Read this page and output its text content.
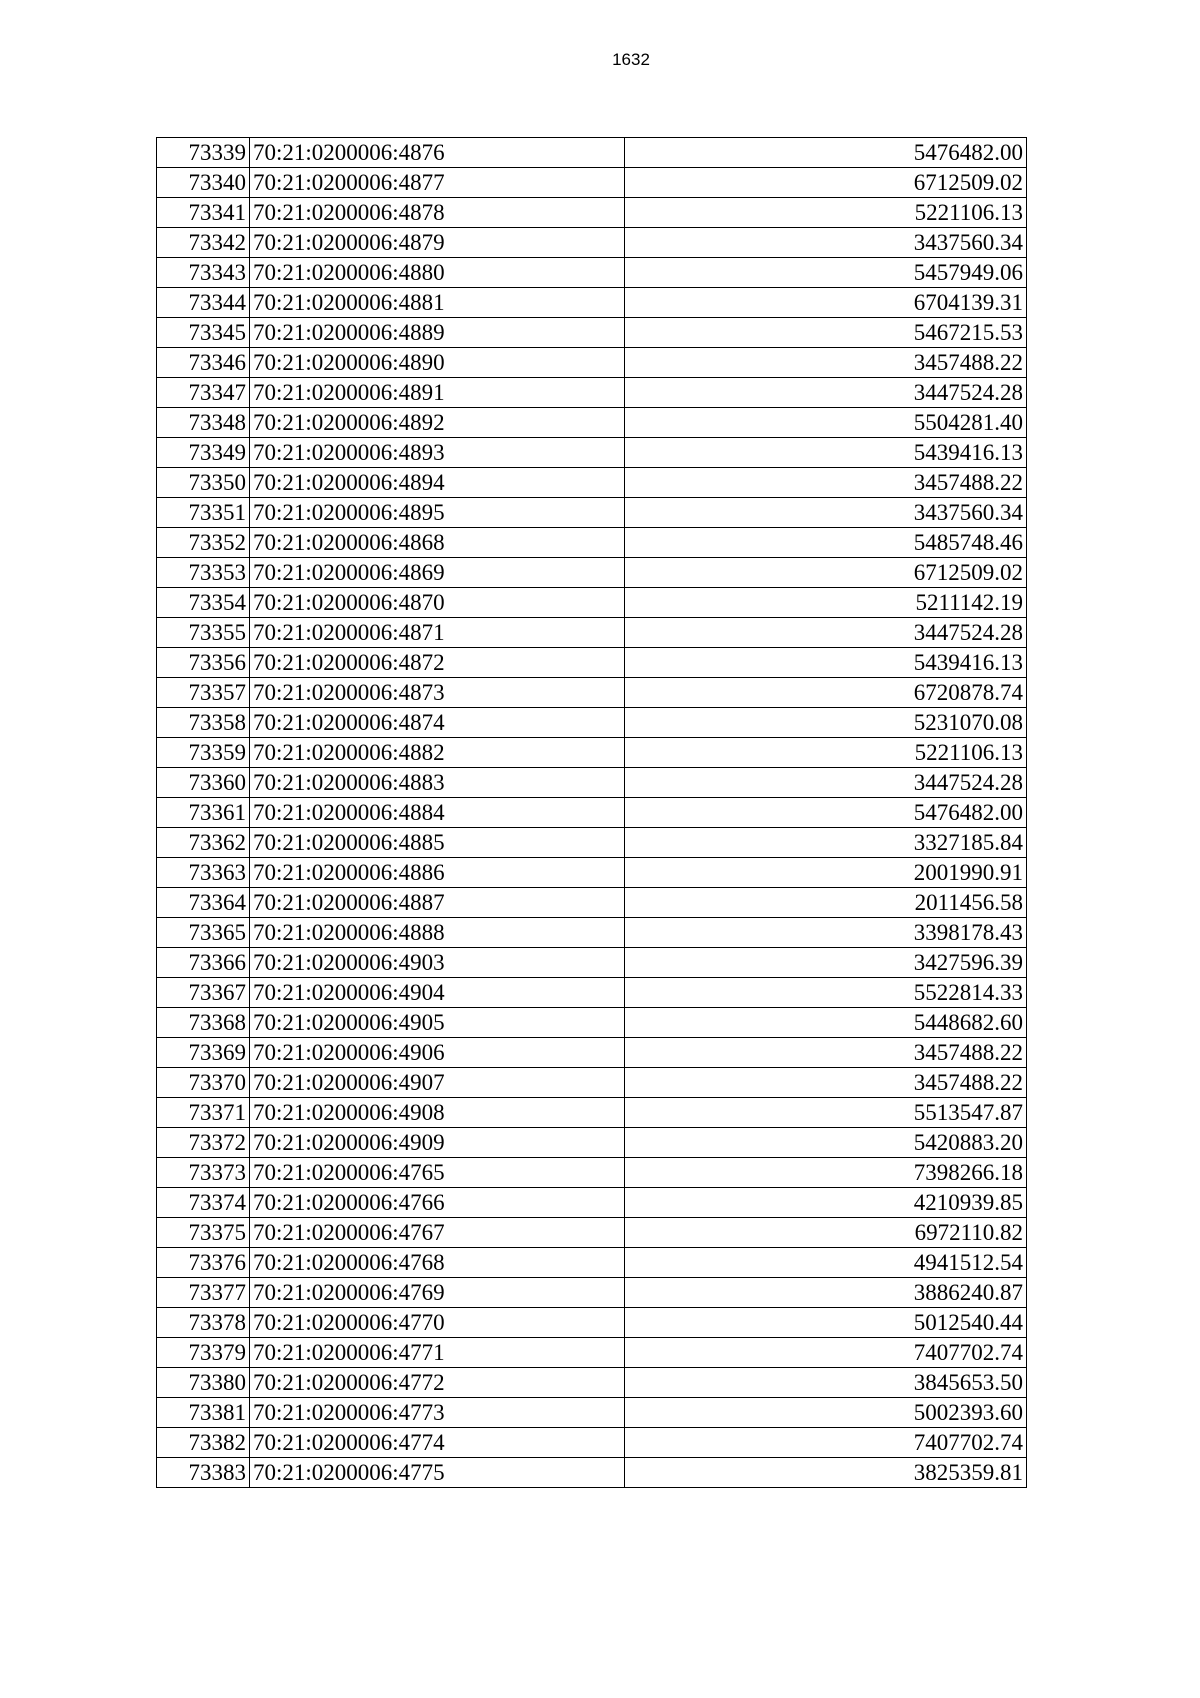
1632
73339	70:21:0200006:4876	5476482.00
73340	70:21:0200006:4877	6712509.02
73341	70:21:0200006:4878	5221106.13
73342	70:21:0200006:4879	3437560.34
73343	70:21:0200006:4880	5457949.06
73344	70:21:0200006:4881	6704139.31
73345	70:21:0200006:4889	5467215.53
73346	70:21:0200006:4890	3457488.22
73347	70:21:0200006:4891	3447524.28
73348	70:21:0200006:4892	5504281.40
73349	70:21:0200006:4893	5439416.13
73350	70:21:0200006:4894	3457488.22
73351	70:21:0200006:4895	3437560.34
73352	70:21:0200006:4868	5485748.46
73353	70:21:0200006:4869	6712509.02
73354	70:21:0200006:4870	5211142.19
73355	70:21:0200006:4871	3447524.28
73356	70:21:0200006:4872	5439416.13
73357	70:21:0200006:4873	6720878.74
73358	70:21:0200006:4874	5231070.08
73359	70:21:0200006:4882	5221106.13
73360	70:21:0200006:4883	3447524.28
73361	70:21:0200006:4884	5476482.00
73362	70:21:0200006:4885	3327185.84
73363	70:21:0200006:4886	2001990.91
73364	70:21:0200006:4887	2011456.58
73365	70:21:0200006:4888	3398178.43
73366	70:21:0200006:4903	3427596.39
73367	70:21:0200006:4904	5522814.33
73368	70:21:0200006:4905	5448682.60
73369	70:21:0200006:4906	3457488.22
73370	70:21:0200006:4907	3457488.22
73371	70:21:0200006:4908	5513547.87
73372	70:21:0200006:4909	5420883.20
73373	70:21:0200006:4765	7398266.18
73374	70:21:0200006:4766	4210939.85
73375	70:21:0200006:4767	6972110.82
73376	70:21:0200006:4768	4941512.54
73377	70:21:0200006:4769	3886240.87
73378	70:21:0200006:4770	5012540.44
73379	70:21:0200006:4771	7407702.74
73380	70:21:0200006:4772	3845653.50
73381	70:21:0200006:4773	5002393.60
73382	70:21:0200006:4774	7407702.74
73383	70:21:0200006:4775	3825359.81
